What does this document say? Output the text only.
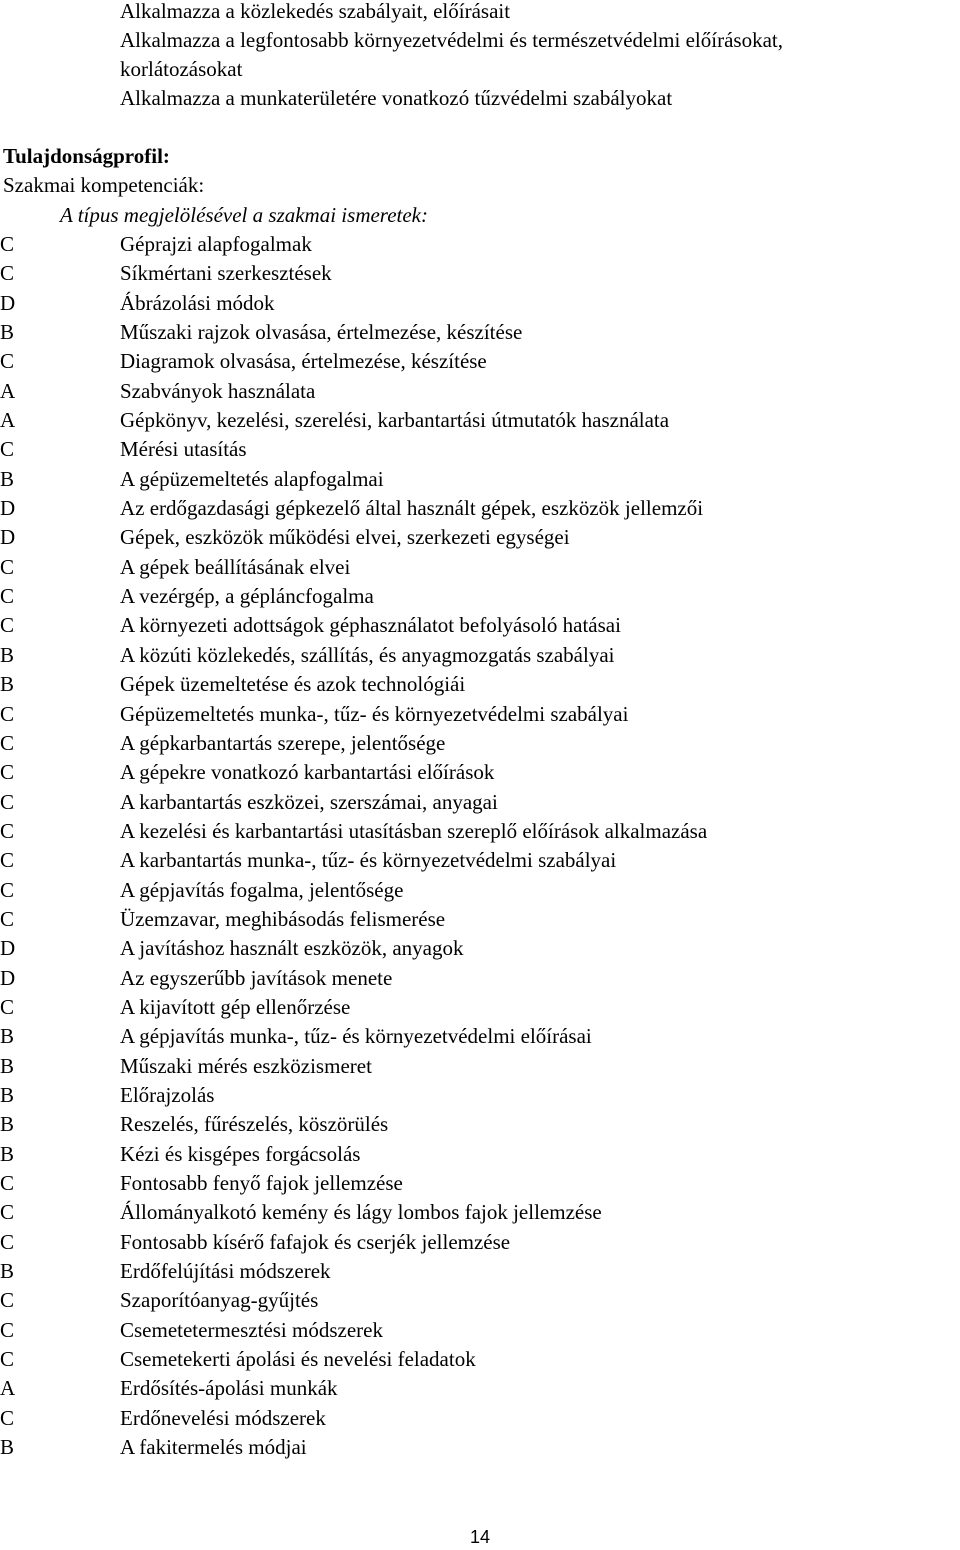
Alkalmazza a közlekedés szabályait, előírásait
Alkalmazza a legfontosabb környezetvédelmi és természetvédelmi előírásokat,
korlátozásokat
Alkalmazza a munkaterületére vonatkozó tűzvédelmi szabályokat
Tulajdonságprofil:
Szakmai kompetenciák:
A típus megjelölésével a szakmai ismeretek:
C	Géprajzi alapfogalmak
C	Síkmértani szerkesztések
D	Ábrázolási módok
B	Műszaki rajzok olvasása, értelmezése, készítése
C	Diagramok olvasása, értelmezése, készítése
A	Szabványok használata
A	Gépkönyv, kezelési, szerelési, karbantartási útmutatók használata
C	Mérési utasítás
B	A gépüzemeltetés alapfogalmai
D	Az erdőgazdasági gépkezelő által használt gépek, eszközök jellemzői
D	Gépek, eszközök működési elvei, szerkezeti egységei
C	A gépek beállításának elvei
C	A vezérgép, a gépláncfogalma
C	A környezeti adottságok géphasználatot befolyásoló hatásai
B	A közúti közlekedés, szállítás, és anyagmozgatás szabályai
B	Gépek üzemeltetése és azok technológiái
C	Gépüzemeltetés munka-, tűz- és környezetvédelmi szabályai
C	A gépkarbantartás szerepe, jelentősége
C	A gépekre vonatkozó karbantartási előírások
C	A karbantartás eszközei, szerszámai, anyagai
C	A kezelési és karbantartási utasításban szereplő előírások alkalmazása
C	A karbantartás munka-, tűz- és környezetvédelmi szabályai
C	A gépjavítás fogalma, jelentősége
C	Üzemzavar, meghibásodás felismerése
D	A javításhoz használt eszközök, anyagok
D	Az egyszerűbb javítások menete
C	A kijavított gép ellenőrzése
B	A gépjavítás munka-, tűz- és környezetvédelmi előírásai
B	Műszaki mérés eszközismeret
B	Előrajzolás
B	Reszelés, fűrészelés, köszörülés
B	Kézi és kisgépes forgácsolás
C	Fontosabb fenyő fajok jellemzése
C	Állományalkotó kemény és lágy lombos fajok jellemzése
C	Fontosabb kísérő fafajok és cserjék jellemzése
B	Erdőfelújítási módszerek
C	Szaporítóanyag-gyűjtés
C	Csemetetermesztési módszerek
C	Csemetekerti ápolási és nevelési feladatok
A	Erdősítés-ápolási munkák
C	Erdőnevelési módszerek
B	A fakitermelés módjai
14
